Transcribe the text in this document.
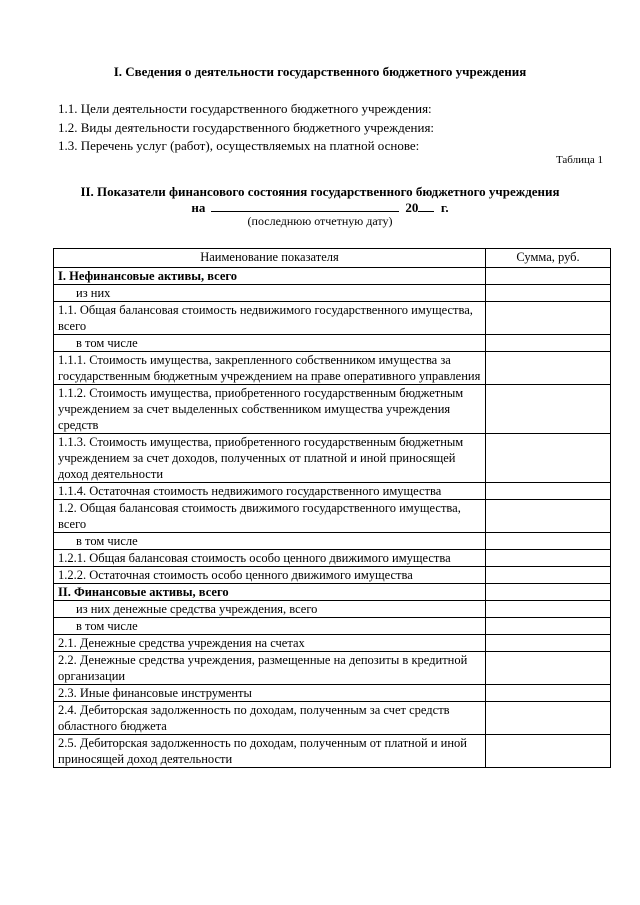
I. Сведения о деятельности государственного бюджетного учреждения
1.1. Цели деятельности государственного бюджетного учреждения:
1.2. Виды деятельности государственного бюджетного учреждения:
1.3. Перечень услуг (работ), осуществляемых на платной основе:
Таблица 1
II. Показатели финансового состояния государственного бюджетного учреждения
на	20 г.
(последнюю отчетную дату)
Наименование показателя	Сумма, руб.
I. Нефинансовые активы, всего	
из них	
1.1. Общая балансовая стоимость недвижимого государственного имущества, всего	
в том числе	
1.1.1. Стоимость имущества, закрепленного собственником имущества за государственным бюджетным учреждением на праве оперативного управления	
1.1.2. Стоимость имущества, приобретенного государственным бюджетным учреждением за счет выделенных собственником имущества учреждения средств	
1.1.3. Стоимость имущества, приобретенного государственным бюджетным учреждением за счет доходов, полученных от платной и иной приносящей доход деятельности	
1.1.4. Остаточная стоимость недвижимого государственного имущества	
1.2. Общая балансовая стоимость движимого государственного имущества, всего	
в том числе	
1.2.1. Общая балансовая стоимость особо ценного движимого имущества	
1.2.2. Остаточная стоимость особо ценного движимого имущества	
II. Финансовые активы, всего	
из них денежные средства учреждения, всего	
в том числе	
2.1. Денежные средства учреждения на счетах	
2.2. Денежные средства учреждения, размещенные на депозиты в кредитной организации	
2.3. Иные финансовые инструменты	
2.4. Дебиторская задолженность по доходам, полученным за счет средств областного бюджета	
2.5. Дебиторская задолженность по доходам, полученным от платной и иной приносящей доход деятельности	
